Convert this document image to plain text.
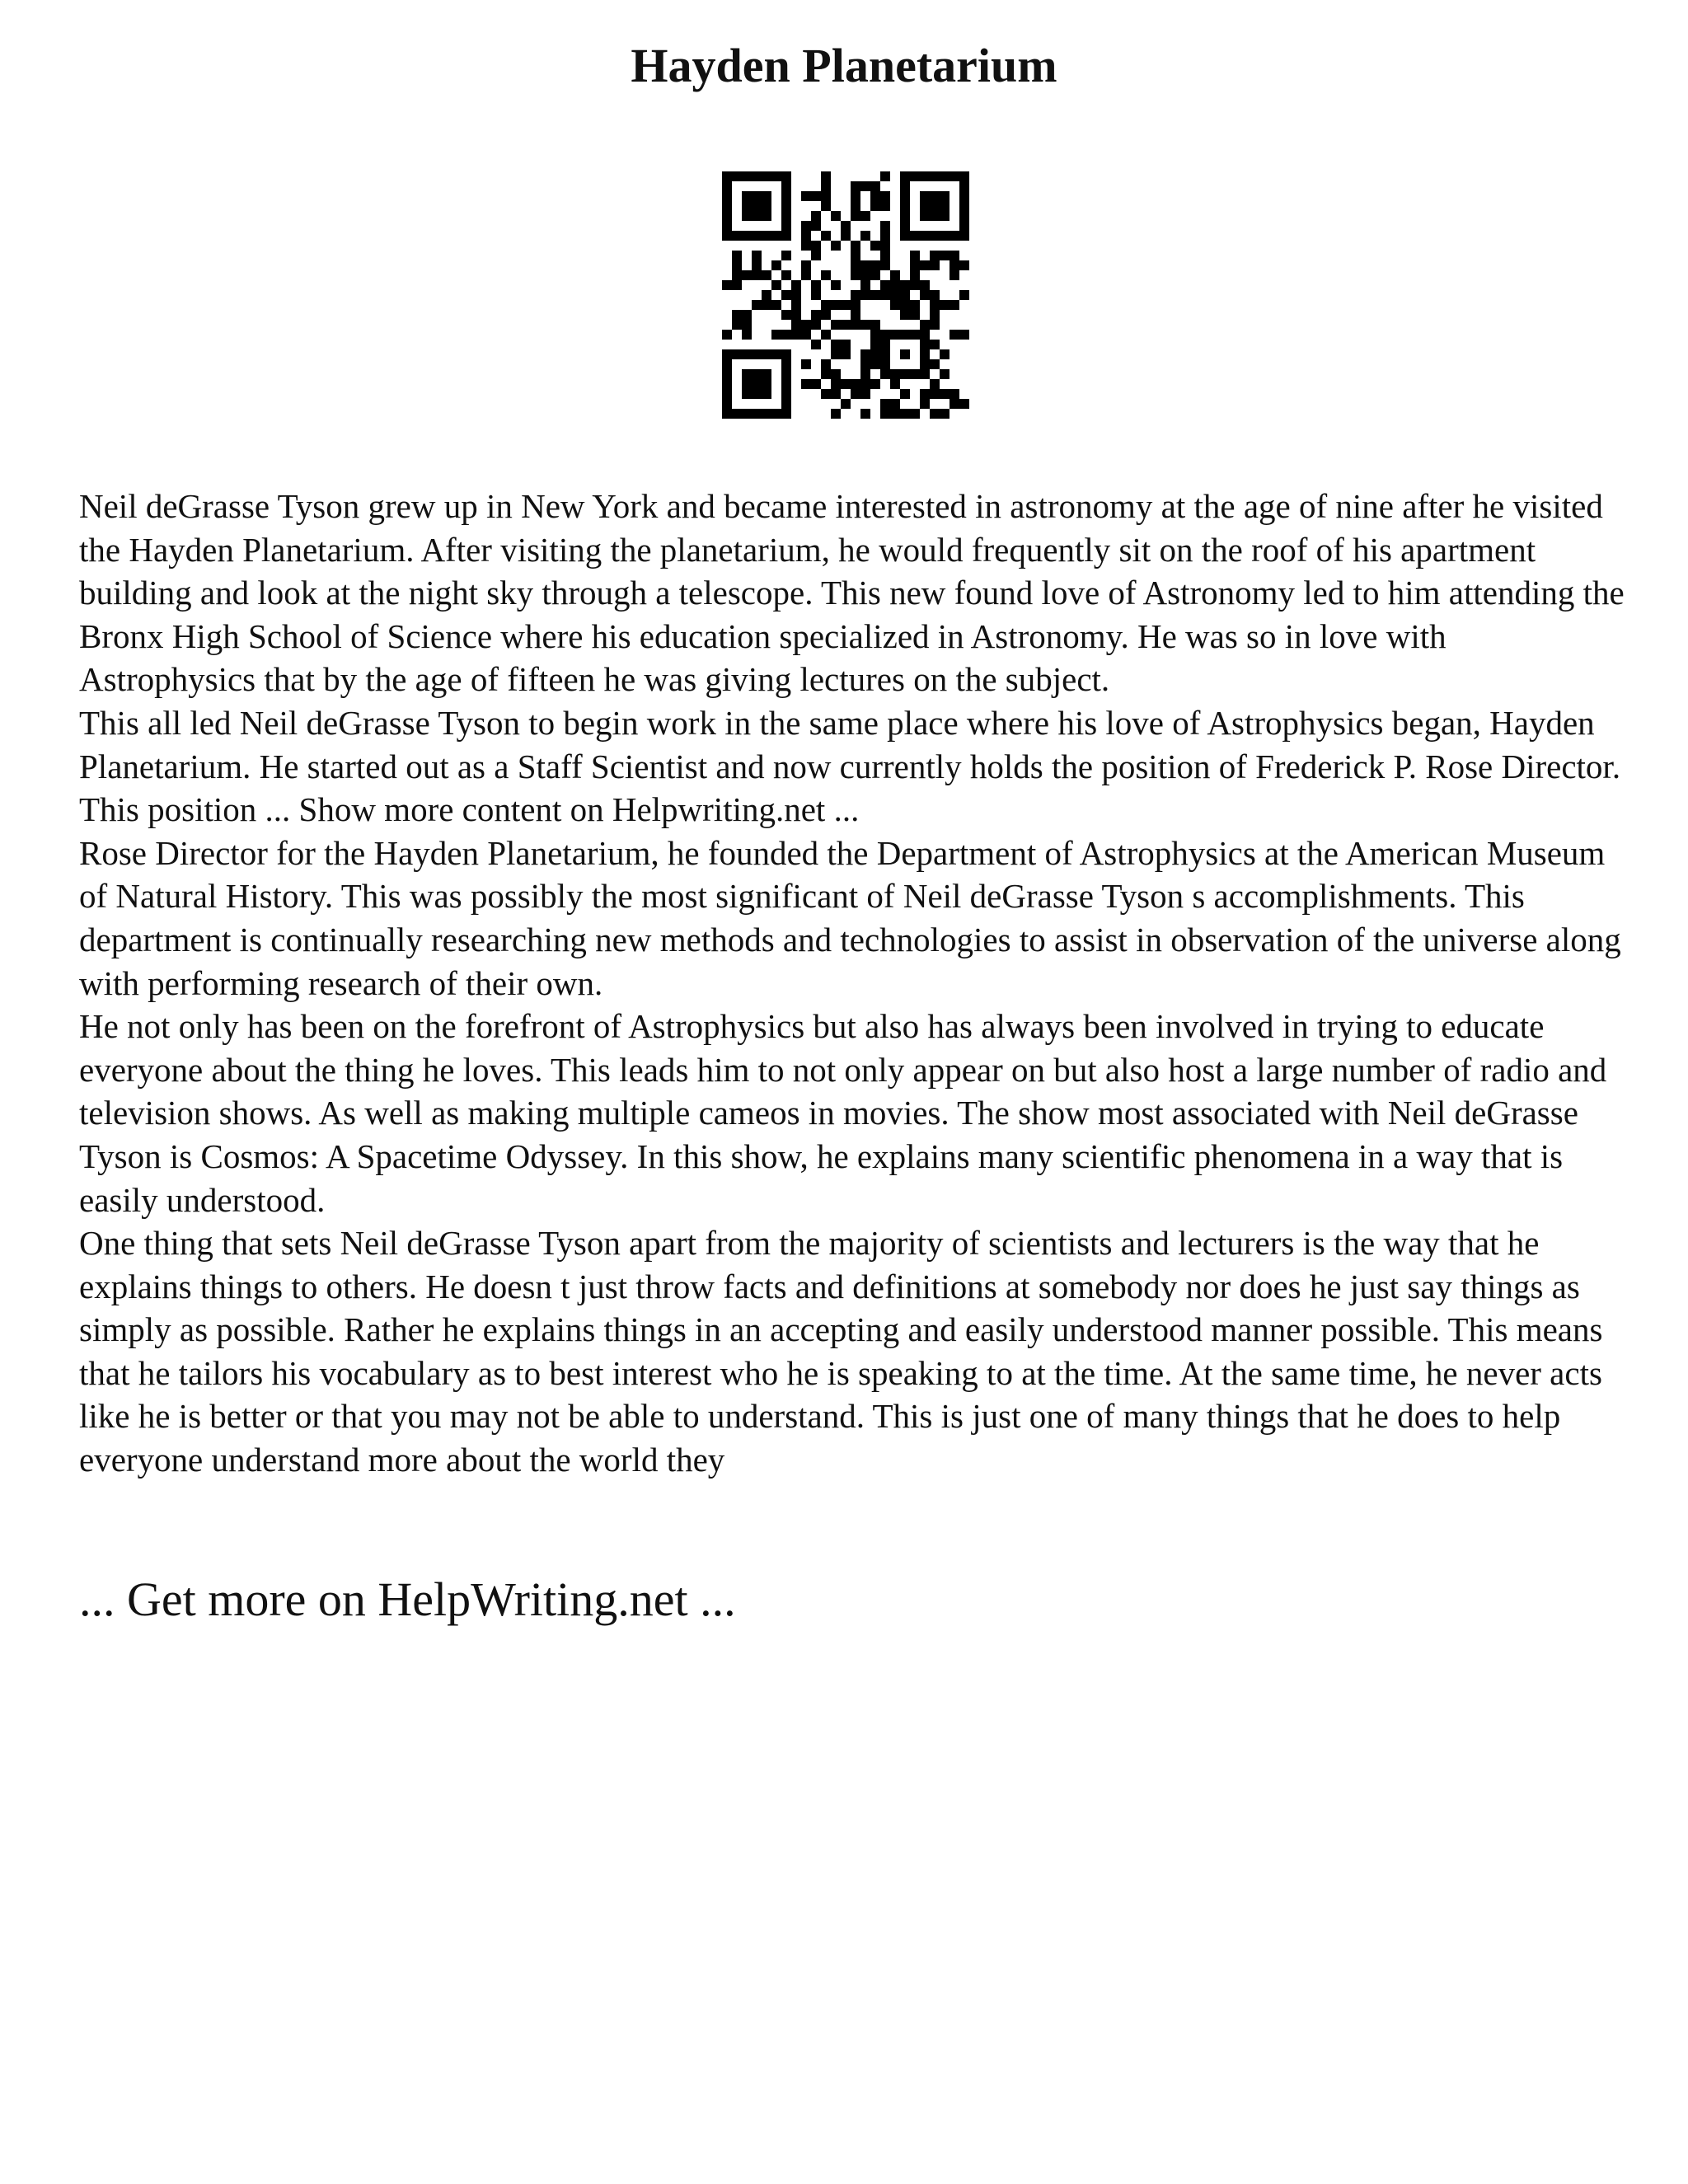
Hayden Planetarium

Neil deGrasse Tyson grew up in New York and became interested in astronomy at the age of nine after he visited the Hayden Planetarium. After visiting the planetarium, he would frequently sit on the roof of his apartment building and look at the night sky through a telescope. This new found love of Astronomy led to him attending the Bronx High School of Science where his education specialized in Astronomy. He was so in love with Astrophysics that by the age of fifteen he was giving lectures on the subject.

This all led Neil deGrasse Tyson to begin work in the same place where his love of Astrophysics began, Hayden Planetarium. He started out as a Staff Scientist and now currently holds the position of Frederick P. Rose Director. This position ... Show more content on Helpwriting.net ...

Rose Director for the Hayden Planetarium, he founded the Department of Astrophysics at the American Museum of Natural History. This was possibly the most significant of Neil deGrasse Tyson s accomplishments. This department is continually researching new methods and technologies to assist in observation of the universe along with performing research of their own.

He not only has been on the forefront of Astrophysics but also has always been involved in trying to educate everyone about the thing he loves. This leads him to not only appear on but also host a large number of radio and television shows. As well as making multiple cameos in movies. The show most associated with Neil deGrasse Tyson is Cosmos: A Spacetime Odyssey. In this show, he explains many scientific phenomena in a way that is easily understood.

One thing that sets Neil deGrasse Tyson apart from the majority of scientists and lecturers is the way that he explains things to others. He doesn t just throw facts and definitions at somebody nor does he just say things as simply as possible. Rather he explains things in an accepting and easily understood manner possible. This means that he tailors his vocabulary as to best interest who he is speaking to at the time. At the same time, he never acts like he is better or that you may not be able to understand. This is just one of many things that he does to help everyone understand more about the world they

... Get more on HelpWriting.net ...
